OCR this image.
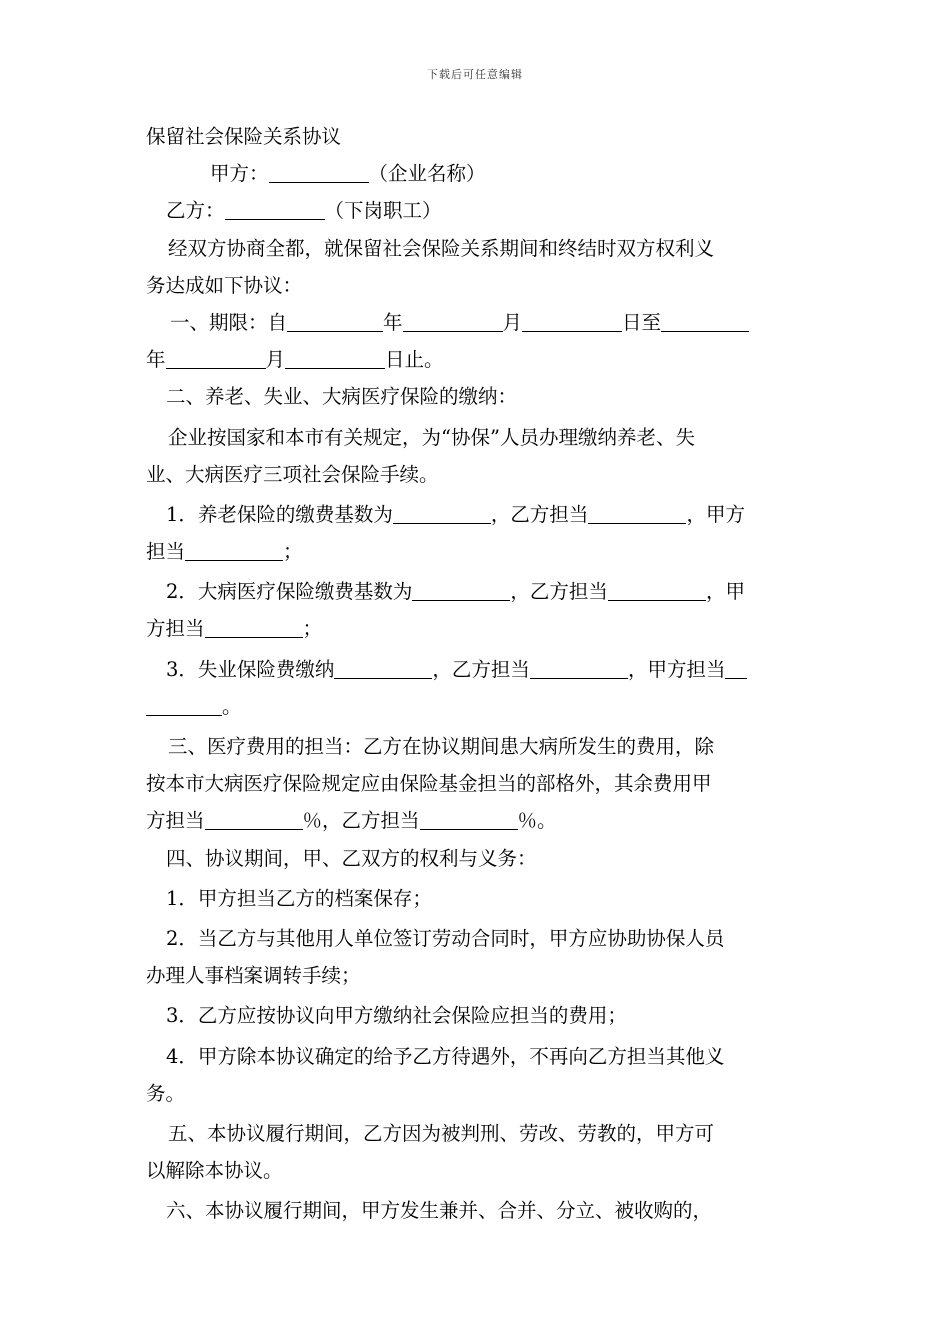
下载后可任意编辑
保留社会保险关系协议
甲方：	（企业名称）
乙方：	（下岗职工）
经双方协商全都，就保留社会保险关系期间和终结时双方权利义
务达成如下协议：
一、期限：自	年	月	日至
年	月	日止。
二、养老、失业、大病医疗保险的缴纳：
企业按国家和本市有关规定，为“协保”人员办理缴纳养老、失
业、大病医疗三项社会保险手续。
1．养老保险的缴费基数为	，乙方担当	，甲方
担当	；
2．大病医疗保险缴费基数为	，乙方担当	，甲
方担当	；
3．失业保险费缴纳	，乙方担当	，甲方担当
。
三、医疗费用的担当：乙方在协议期间患大病所发生的费用，除
按本市大病医疗保险规定应由保险基金担当的部格外，其余费用甲
方担当	％，乙方担当	％。
四、协议期间，甲、乙双方的权利与义务：
1．甲方担当乙方的档案保存；
2．当乙方与其他用人单位签订劳动合同时，甲方应协助协保人员
办理人事档案调转手续；
3．乙方应按协议向甲方缴纳社会保险应担当的费用；
4．甲方除本协议确定的给予乙方待遇外，不再向乙方担当其他义
务。
五、本协议履行期间，乙方因为被判刑、劳改、劳教的，甲方可
以解除本协议。
六、本协议履行期间，甲方发生兼并、合并、分立、被收购的，
